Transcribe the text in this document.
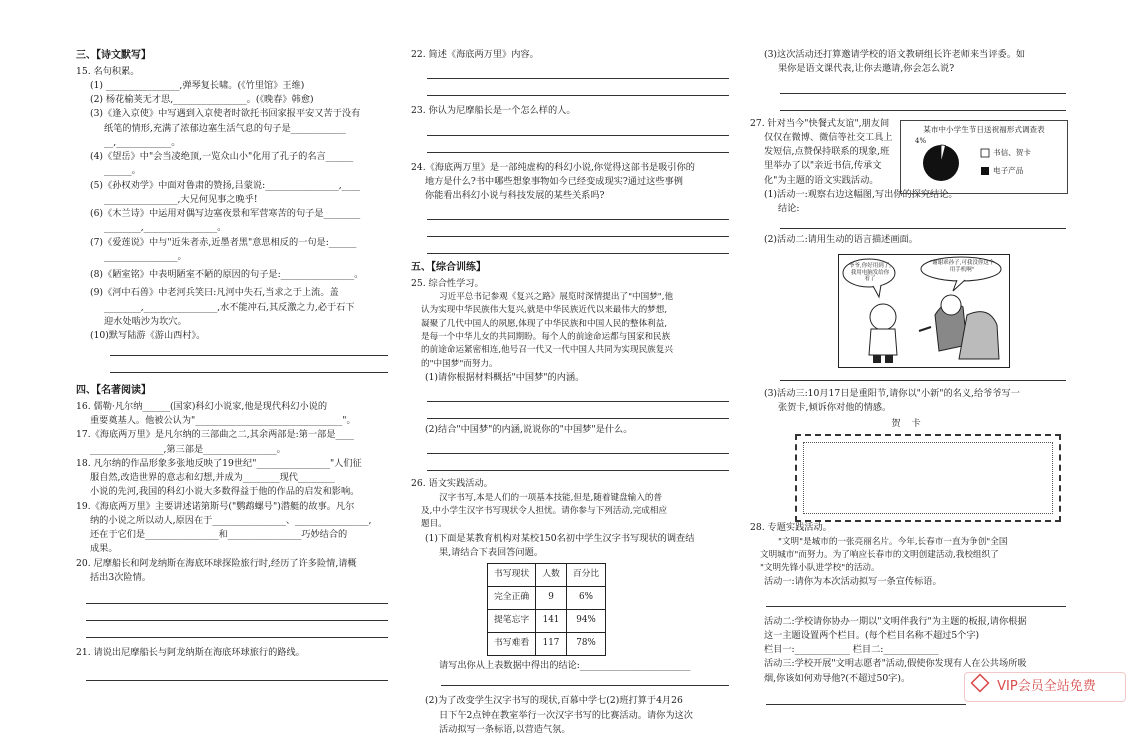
三、【诗文默写】

15. 名句积累。

(1) ________________,弹琴复长啸。(《竹里馆》王维)

(2) 杨花榆荚无才思,________________。(《晚春》韩愈)

(3)《逢入京使》中写遇到入京使者时欲托书回家报平安又苦于没有

纸笔的情形,充满了浓郁边塞生活气息的句子是____________

__,____________。

(4)《望岳》中"会当凌绝顶,一览众山小"化用了孔子的名言______

______。

(5)《孙权劝学》中面对鲁肃的赞扬,吕蒙说:________________,____

________________,大兄何见事之晚乎!

(6)《木兰诗》中运用对偶写边塞夜景和军营寒苦的句子是________

________,________________。

(7)《爱莲说》中与"近朱者赤,近墨者黑"意思相反的一句是:______

________________。

(8)《陋室铭》中表明陋室不陋的原因的句子是:________________。

(9)《河中石兽》中老河兵笑曰:凡河中失石,当求之于上流。盖

________,________________,水不能冲石,其反激之力,必于石下

迎水处啮沙为坎穴。

(10)默写陆游《游山西村》。

四、【名著阅读】

16. 儒勒·凡尔纳______(国家)科幻小说家,他是现代科幻小说的

重要奠基人。他被公认为"________________________________"。

17.《海底两万里》是凡尔纳的三部曲之二,其余两部是:第一部是____

________________,第三部是________________。

18. 凡尔纳的作品形象多张地反映了19世纪"________________"人们征

服自然,改造世界的意志和幻想,并成为________现代________

小说的先河,我国的科幻小说大多数得益于他的作品的启发和影响。

19.《海底两万里》主要讲述诺第斯号("鹦鹉螺号")潜艇的故事。凡尔

纳的小说之所以动人,原因在于________________、________________,

还在于它们是________________和________________巧妙结合的

成果。

20. 尼摩船长和阿龙纳斯在海底环球探险旅行时,经历了许多险情,请概

括出3次险情。

21. 请说出尼摩船长与阿龙纳斯在海底环球旅行的路线。

22. 简述《海底两万里》内容。

23. 你认为尼摩船长是一个怎么样的人。

24.《海底两万里》是一部纯虚构的科幻小说,你觉得这部书是吸引你的

地方是什么?书中哪些想象事物如今已经变成现实?通过这些事例

你能看出科幻小说与科技发展的某些关系吗?

五、【综合训练】

25. 综合性学习。

习近平总书记参观《复兴之路》展览时深情提出了"中国梦",他

认为实现中华民族伟大复兴,就是中华民族近代以来最伟大的梦想,

凝聚了几代中国人的夙愿,体现了中华民族和中国人民的整体利益,

是每一个中华儿女的共同期盼。每个人的前途命运都与国家和民族

的前途命运紧密相连,他号召一代又一代中国人共同为实现民族复兴

的"中国梦"而努力。

(1)请你根据材料概括"中国梦"的内涵。

(2)结合"中国梦"的内涵,说说你的"中国梦"是什么。

26. 语文实践活动。

汉字书写,本是人们的一项基本技能,但是,随着键盘输入的普

及,中小学生汉字书写现状令人担忧。请你参与下列活动,完成相应

题目。

(1)下面是某教育机构对某校150名初中学生汉字书写现状的调查结

果,请结合下表回答问题。

书写现状	人数	百分比
完全正确	9	6%
提笔忘字	141	94%
书写难看	117	78%

请写出你从上表数据中得出的结论:________________________

(2)为了改变学生汉字书写的现状,百慕中学七(2)班打算于4月26

日下午2点钟在教室举行一次汉字书写的比赛活动。请你为这次

活动拟写一条标语,以营造气氛。

(3)这次活动还打算邀请学校的语文教研组长许老师来当评委。如

果你是语文课代表,让你去邀请,你会怎么说?

27. 针对当今"快餐式友谊",朋友间

仅仅在微博、微信等社交工具上

发短信,点赞保持联系的现象,班

里举办了以"亲近书信,传承文

化"为主题的语文实践活动。

(1)活动一:观察右边这幅图,写出你的探究结论。

结论:

(2)活动二:请用生动的语言描述画面。

(3)活动三:10月17日是重阳节,请你以"小新"的名义,给爷爷写一

张贺卡,倾诉你对他的情感。

贺 卡

28. 专题实践活动。

"文明"是城市的一张亮丽名片。今年,长春市一直为争创"全国

文明城市"而努力。为了响应长春市的文明创建活动,我校组织了

"文明先锋小队进学校"的活动。

活动一:请你为本次活动拟写一条宣传标语。

活动二:学校请你协办一期以"文明伴我行"为主题的板报,请你根据

这一主题设置两个栏目。(每个栏目名称不超过5个字)

栏目一:____________ 栏目二:____________

活动三:学校开展"文明志愿者"活动,假使你发现有人在公共场所吸

烟,你该如何劝导他?(不超过50字)。

某市中小学生节日送祝福形式调查表
4%
书信、贺卡
电子产品
爷爷,你好用到了,我用电脑发给你看了
"谢谢乖孙子,可我没你这个用手机啊"
VIP会员全站免费
